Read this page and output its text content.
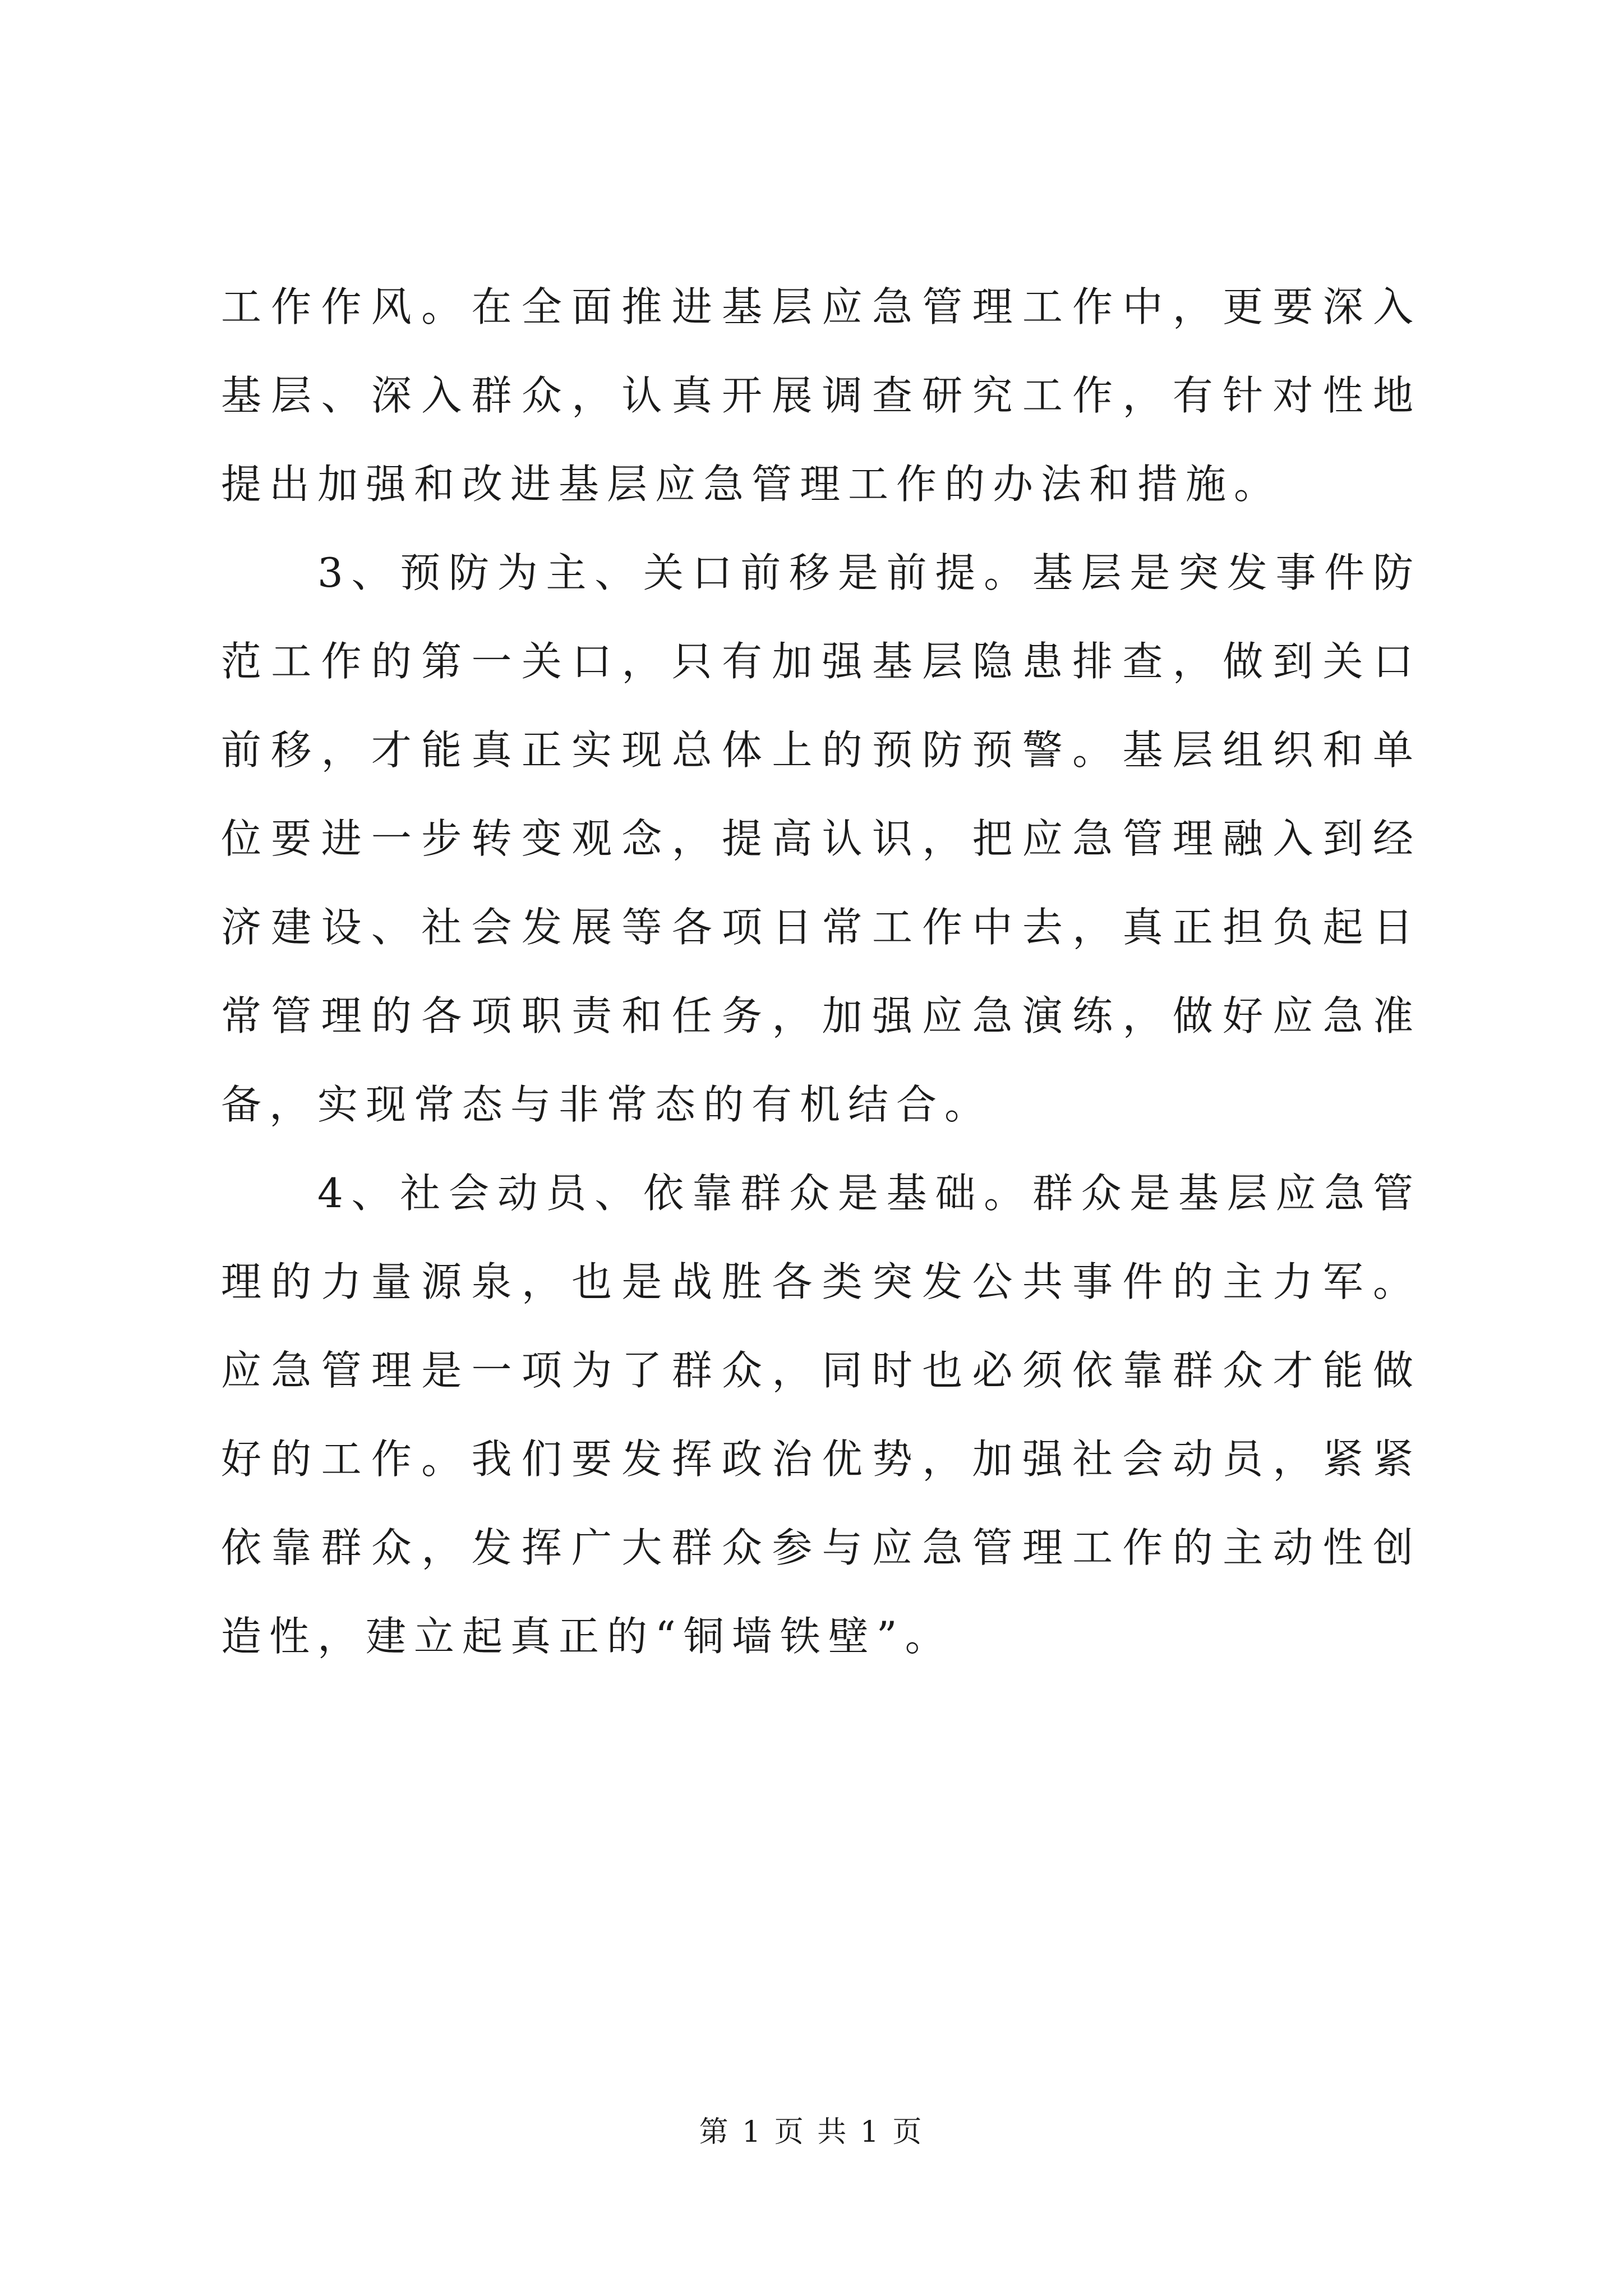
工作作风。在全面推进基层应急管理工作中，更要深入基层、深入群众，认真开展调查研究工作，有针对性地提出加强和改进基层应急管理工作的办法和措施。

3、预防为主、关口前移是前提。基层是突发事件防范工作的第一关口，只有加强基层隐患排查，做到关口前移，才能真正实现总体上的预防预警。基层组织和单位要进一步转变观念，提高认识，把应急管理融入到经济建设、社会发展等各项日常工作中去，真正担负起日常管理的各项职责和任务，加强应急演练，做好应急准备，实现常态与非常态的有机结合。

4、社会动员、依靠群众是基础。群众是基层应急管理的力量源泉，也是战胜各类突发公共事件的主力军。应急管理是一项为了群众，同时也必须依靠群众才能做好的工作。我们要发挥政治优势，加强社会动员，紧紧依靠群众，发挥广大群众参与应急管理工作的主动性创造性，建立起真正的“铜墙铁壁”。

第 1 页 共 1 页
